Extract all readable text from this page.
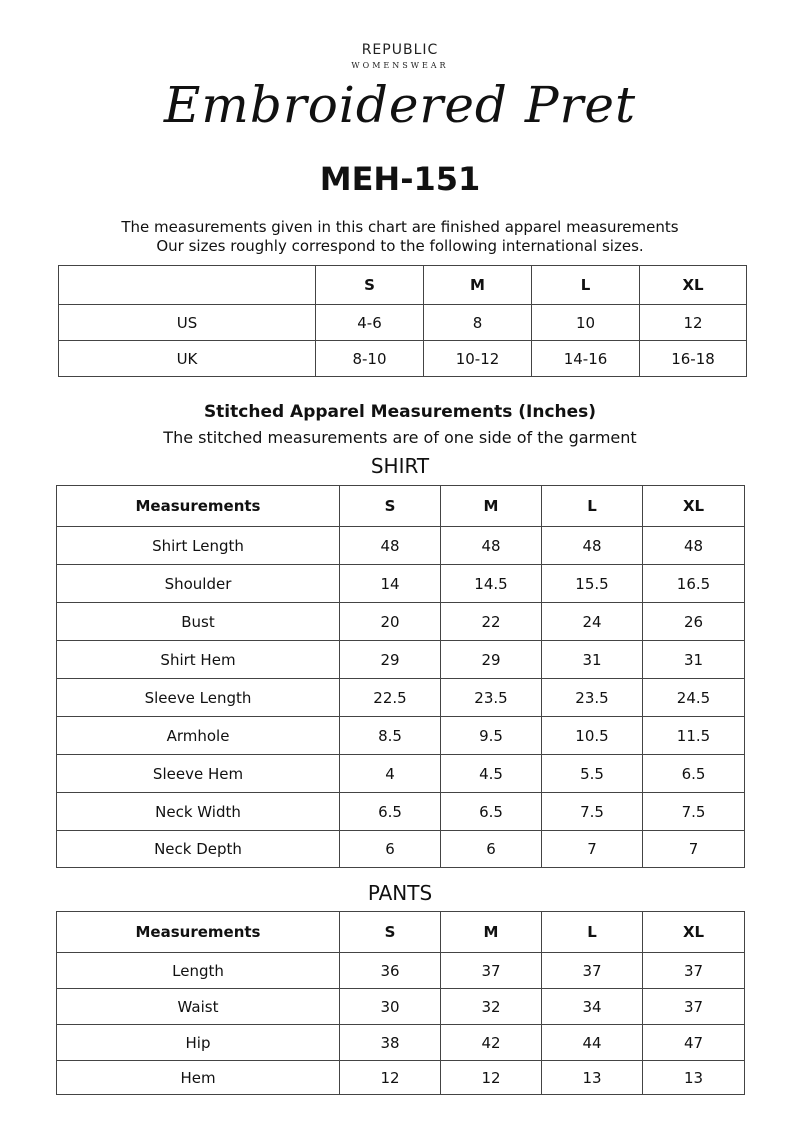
REPUBLIC
WOMENSWEAR
Embroidered Pret
MEH-151
The measurements given in this chart are finished apparel measurements
Our sizes roughly correspond to the following international sizes.
	S	M	L	XL
US	4-6	8	10	12
UK	8-10	10-12	14-16	16-18
Stitched Apparel Measurements (Inches)
The stitched measurements are of one side of the garment
SHIRT
Measurements	S	M	L	XL
Shirt Length	48	48	48	48
Shoulder	14	14.5	15.5	16.5
Bust	20	22	24	26
Shirt Hem	29	29	31	31
Sleeve Length	22.5	23.5	23.5	24.5
Armhole	8.5	9.5	10.5	11.5
Sleeve Hem	4	4.5	5.5	6.5
Neck Width	6.5	6.5	7.5	7.5
Neck Depth	6	6	7	7
PANTS
Measurements	S	M	L	XL
Length	36	37	37	37
Waist	30	32	34	37
Hip	38	42	44	47
Hem	12	12	13	13
